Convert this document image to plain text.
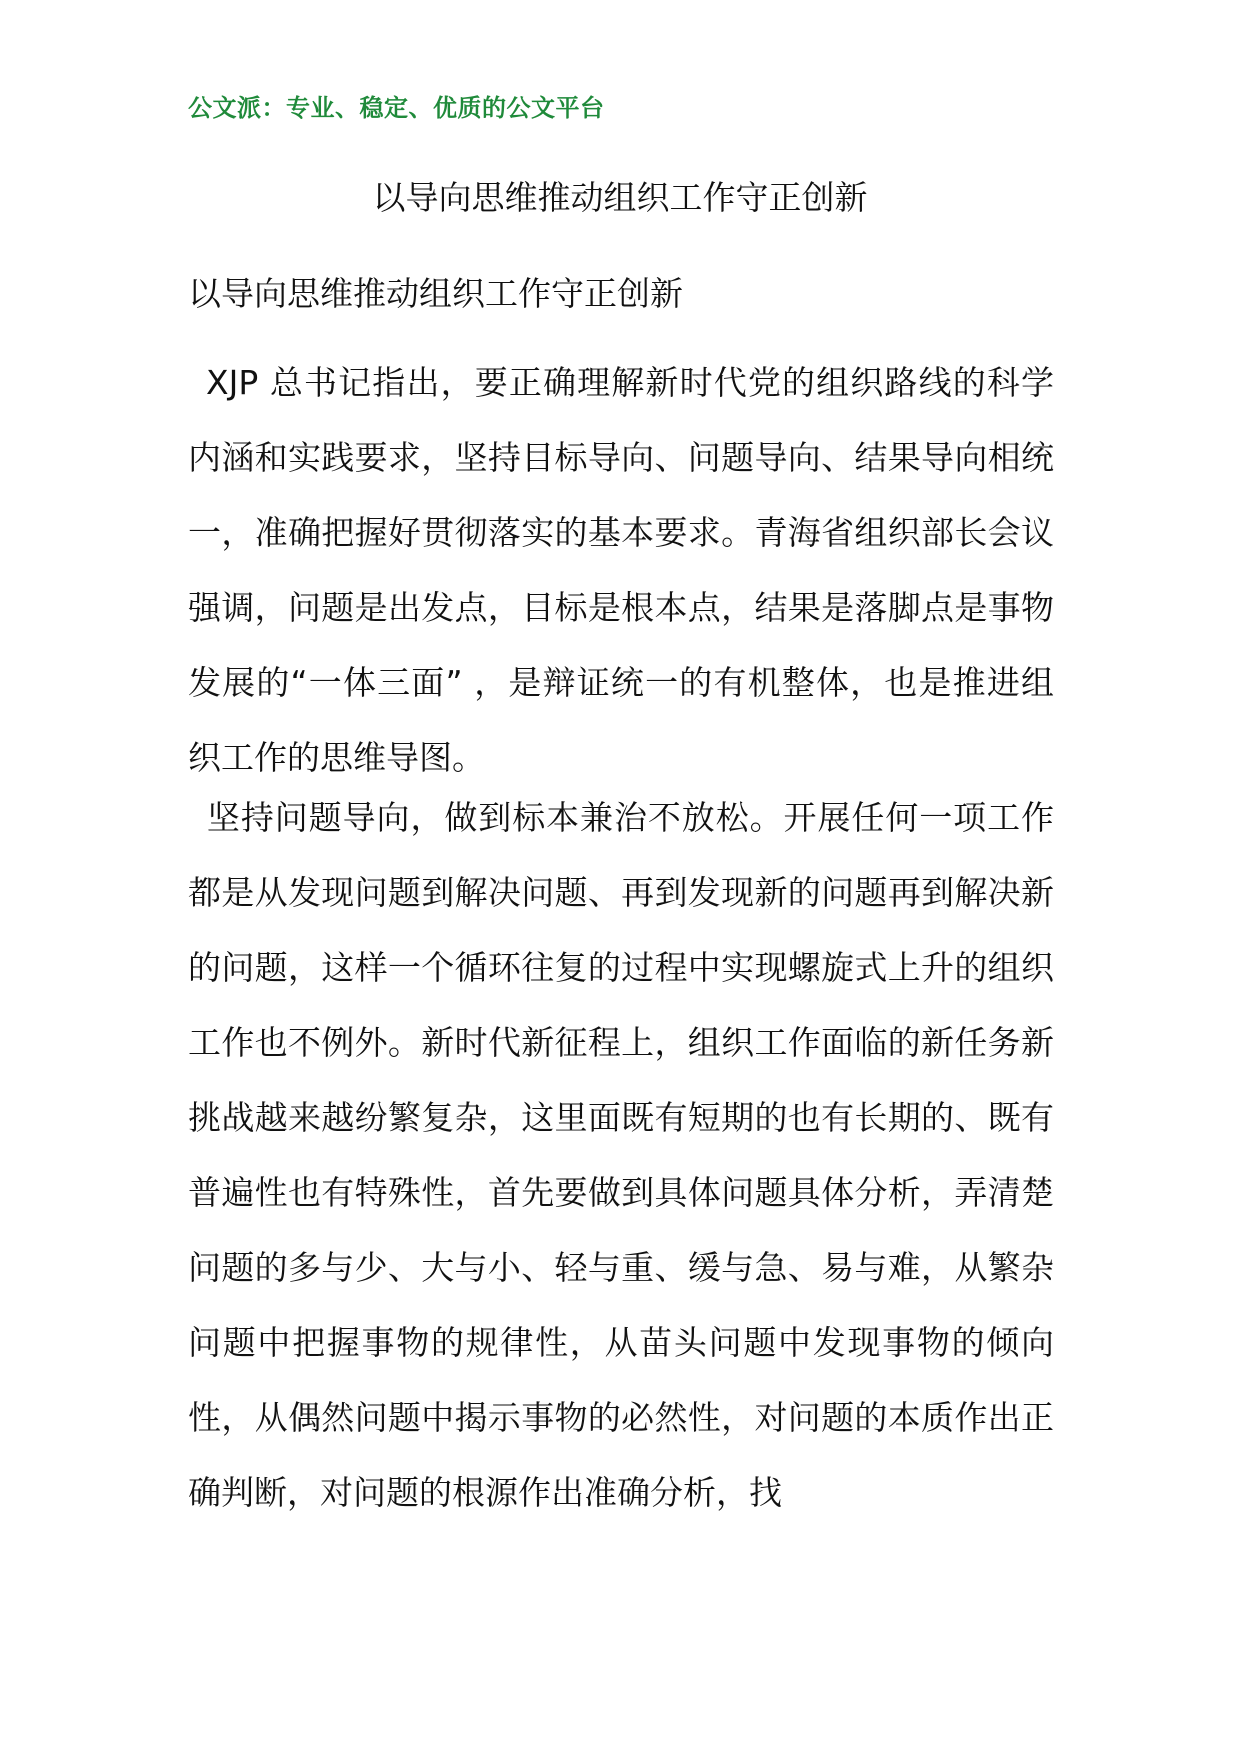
公文派：专业、稳定、优质的公文平台
以导向思维推动组织工作守正创新
以导向思维推动组织工作守正创新
XJP 总书记指出，要正确理解新时代党的组织路线的科学内涵和实践要求，坚持目标导向、问题导向、结果导向相统一，准确把握好贯彻落实的基本要求。青海省组织部长会议强调，问题是出发点，目标是根本点，结果是落脚点是事物发展的“一体三面” ，是辩证统一的有机整体，也是推进组织工作的思维导图。
坚持问题导向，做到标本兼治不放松。开展任何一项工作都是从发现问题到解决问题、再到发现新的问题再到解决新的问题，这样一个循环往复的过程中实现螺旋式上升的组织工作也不例外。新时代新征程上，组织工作面临的新任务新挑战越来越纷繁复杂，这里面既有短期的也有长期的、既有普遍性也有特殊性，首先要做到具体问题具体分析，弄清楚问题的多与少、大与小、轻与重、缓与急、易与难，从繁杂问题中把握事物的规律性，从苗头问题中发现事物的倾向性，从偶然问题中揭示事物的必然性，对问题的本质作出正确判断，对问题的根源作出准确分析，找
